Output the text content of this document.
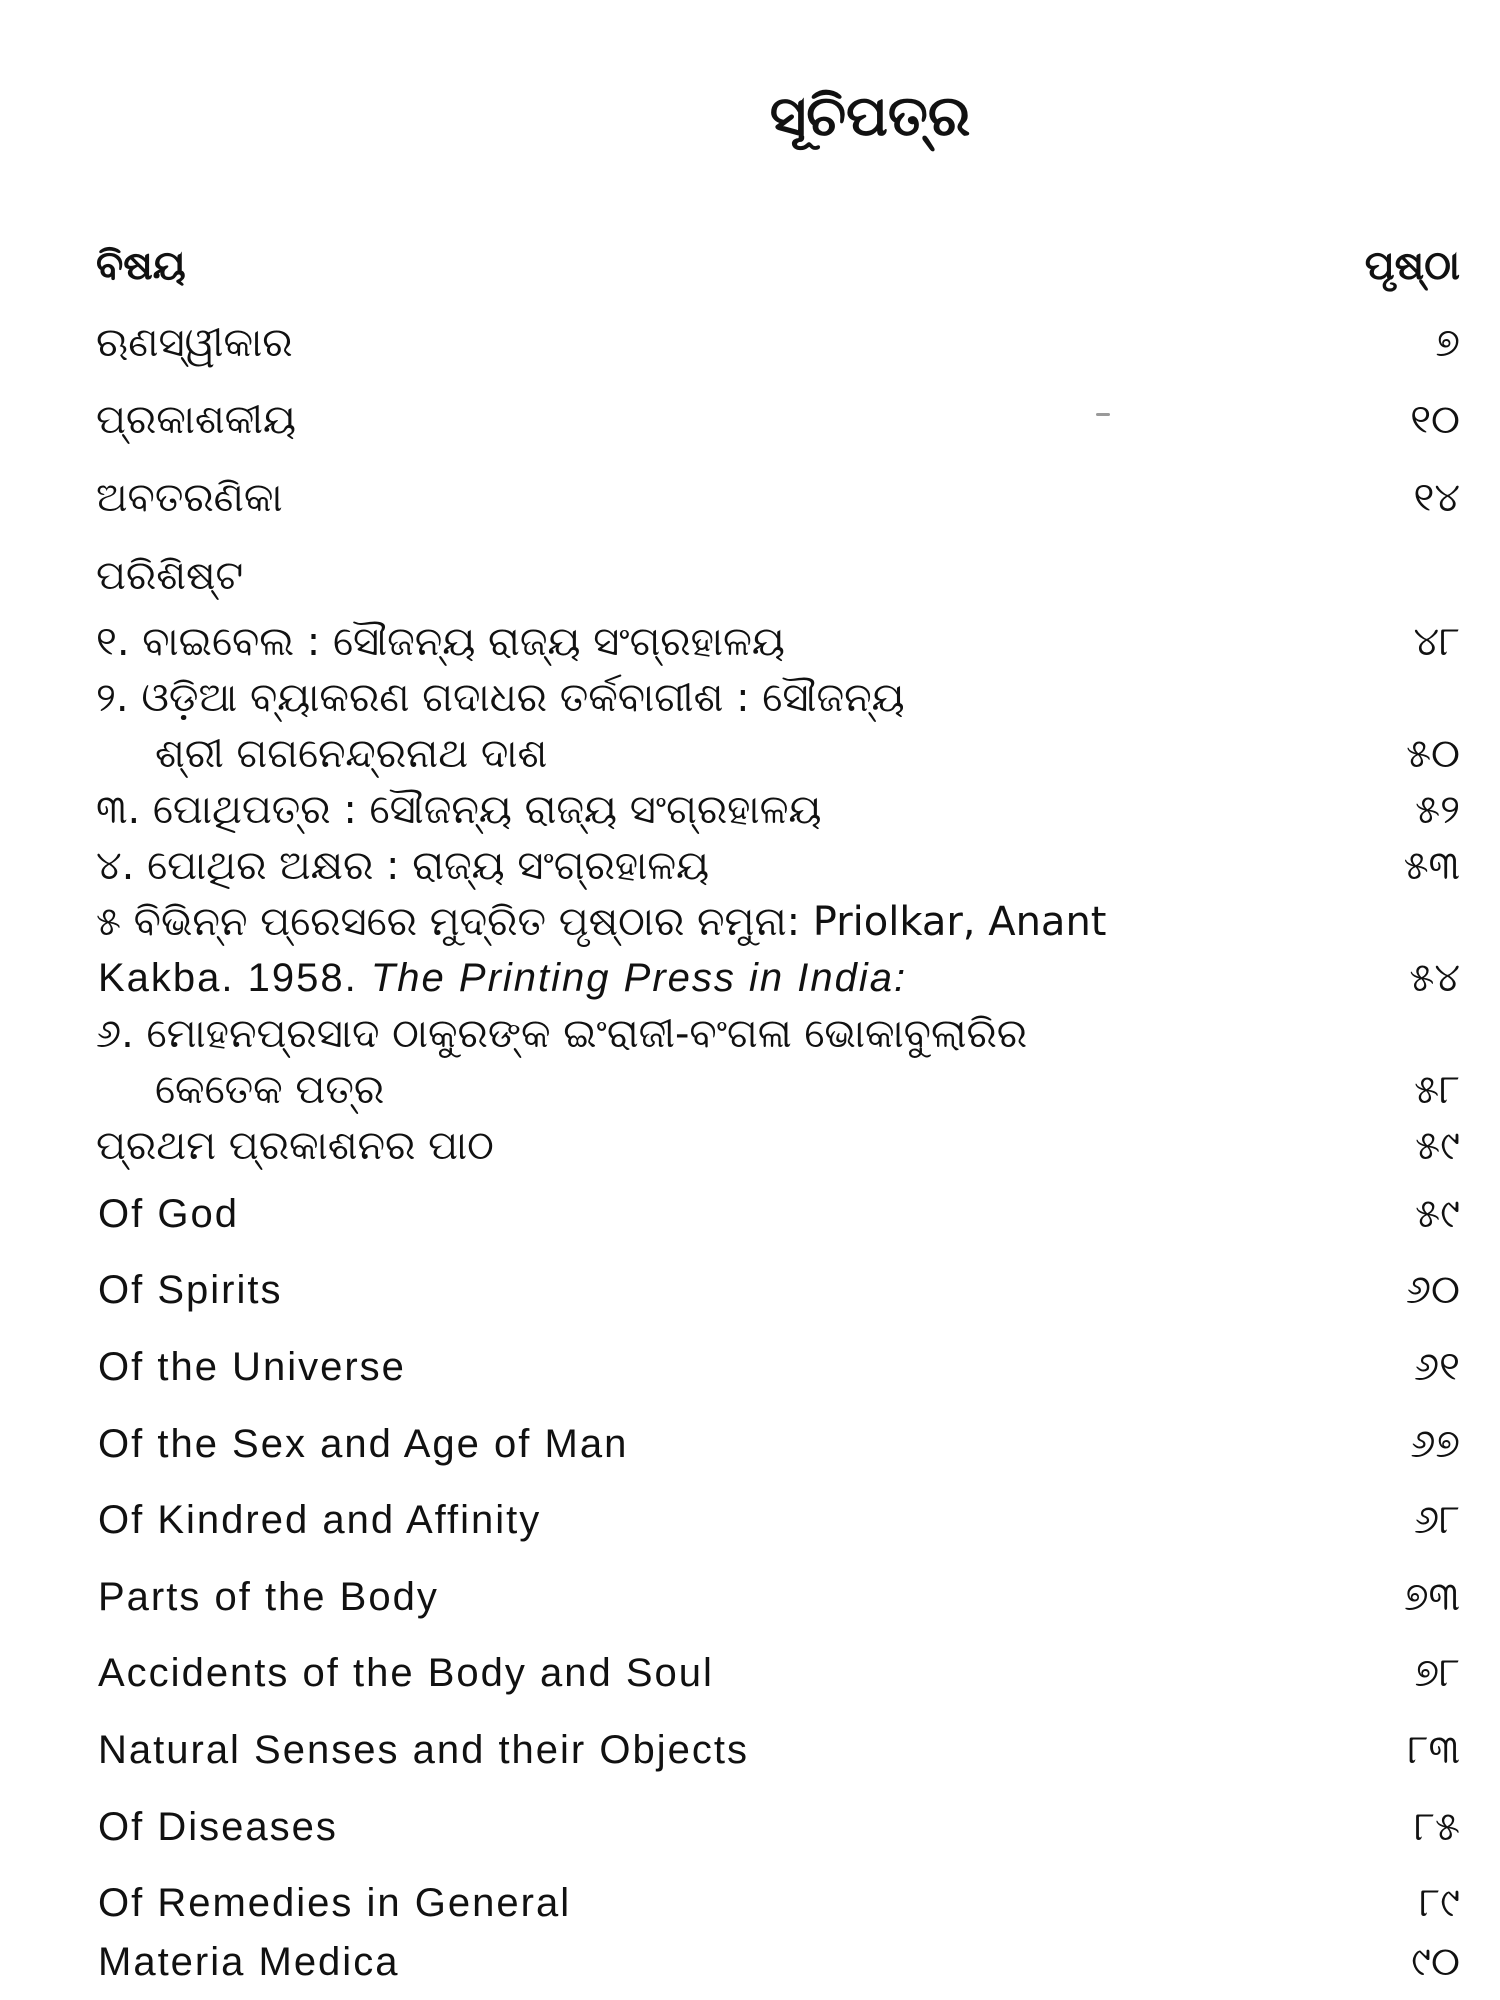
ସୂଚିପତ୍ର
ବିଷୟ	ପୃଷ୍ଠା
ଋଣସ୍ୱୀକାର	୭
ପ୍ରକାଶକୀୟ	୧୦
ଅବତରଣିକା	୧୪
ପରିଶିଷ୍ଟ
୧. ବାଇବେଲ : ସୌଜନ୍ୟ ରାଜ୍ୟ ସଂଗ୍ରହାଳୟ	୪୮
୨. ଓଡ଼ିଆ ବ୍ୟାକରଣ ଗଦାଧର ତର୍କବାଗୀଶ : ସୌଜନ୍ୟ
ଶ୍ରୀ ଗଗନେନ୍ଦ୍ରନାଥ ଦାଶ	୫୦
୩. ପୋଥିପତ୍ର : ସୌଜନ୍ୟ ରାଜ୍ୟ ସଂଗ୍ରହାଳୟ	୫୨
୪. ପୋଥିର ଅକ୍ଷର : ରାଜ୍ୟ ସଂଗ୍ରହାଳୟ	୫୩
୫ ବିଭିନ୍ନ ପ୍ରେସରେ ମୁଦ୍ରିତ ପୃଷ୍ଠାର ନମୁନା: Priolkar, Anant
Kakba. 1958. The Printing Press in India:	୫୪
୬. ମୋହନପ୍ରସାଦ ଠାକୁରଙ୍କ ଇଂରାଜୀ-ବଂଗଳା ଭୋକାବୁଲାରିର
କେତେକ ପତ୍ର	୫୮
ପ୍ରଥମ ପ୍ରକାଶନର ପାଠ	୫୯
Of God	୫୯
Of Spirits	୬୦
Of the Universe	୬୧
Of the Sex and Age of Man	୬୭
Of Kindred and Affinity	୬୮
Parts of the Body	୭୩
Accidents of the Body and Soul	୭୮
Natural Senses and their Objects	୮୩
Of Diseases	୮୫
Of Remedies in General	୮୯
Materia Medica	୯୦
